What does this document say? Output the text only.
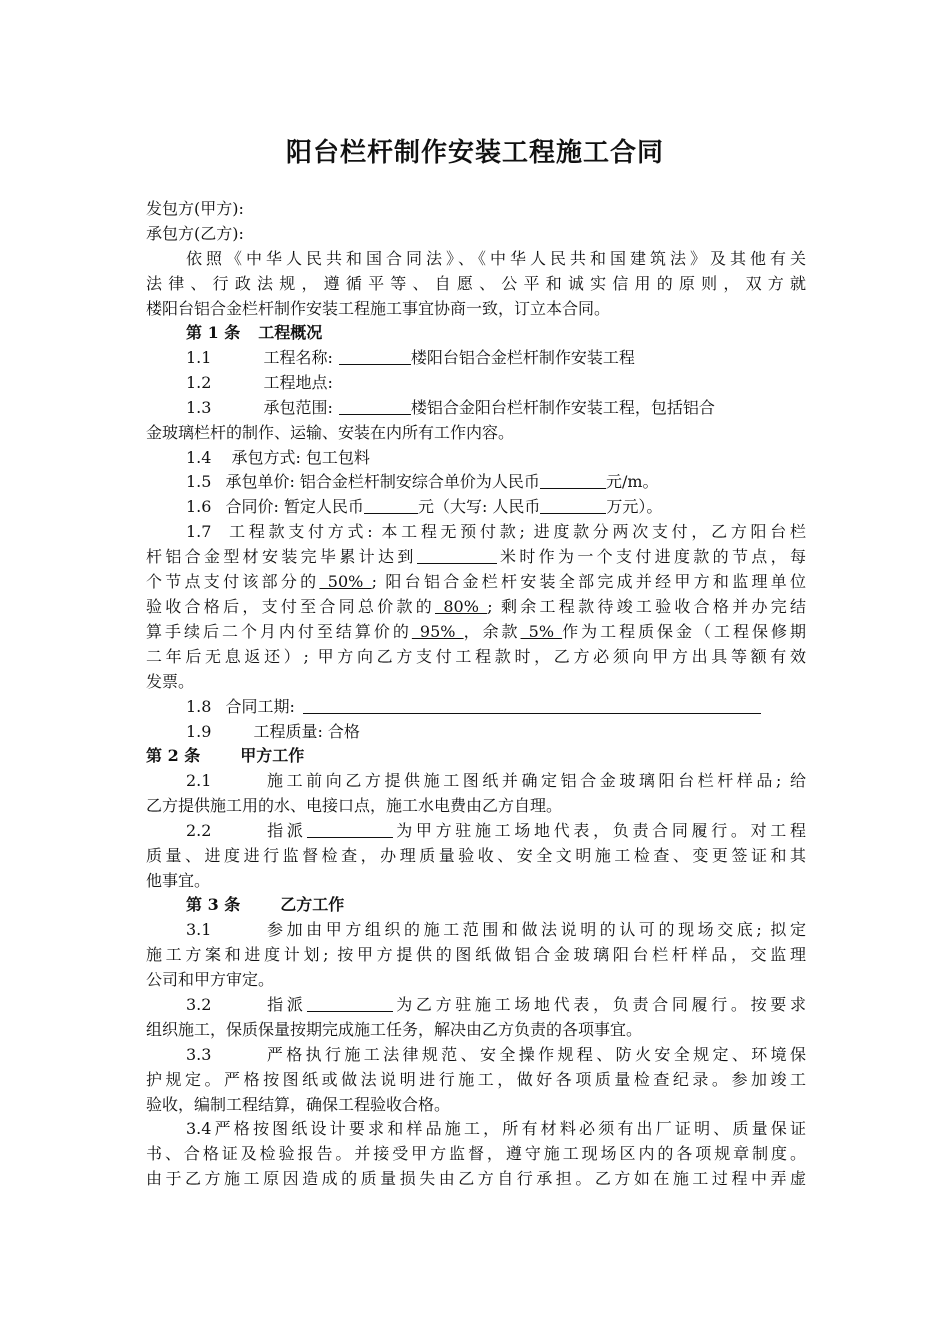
阳台栏杆制作安装工程施工合同
发包方(甲方):
承包方(乙方):
依照《中华人民共和国合同法》、《中华人民共和国建筑法》及其他有关
法律、行政法规，遵循平等、自愿、公平和诚实信用的原则，双方就
楼阳台铝合金栏杆制作安装工程施工事宜协商一致，订立本合同。
第 1 条 工程概况
1.1	工程名称:	楼阳台铝合金栏杆制作安装工程
1.2	工程地点:
1.3	承包范围:	楼铝合金阳台栏杆制作安装工程，包括铝合
金玻璃栏杆的制作、运输、安装在内所有工作内容。
1.4 承包方式: 包工包料
1.5 承包单价: 铝合金栏杆制安综合单价为人民币	元/m。
1.6 合同价: 暂定人民币	元（大写: 人民币	万元）。
1.7 工程款支付方式: 本工程无预付款; 进度款分两次支付，乙方阳台栏
杆铝合金型材安装完毕累计达到	米时作为一个支付进度款的节点，每
个节点支付该部分的 50% ; 阳台铝合金栏杆安装全部完成并经甲方和监理单位
验收合格后，支付至合同总价款的 80% ; 剩余工程款待竣工验收合格并办完结
算手续后二个月内付至结算价的 95% ，余款 5% 作为工程质保金（工程保修期
二年后无息返还）; 甲方向乙方支付工程款时，乙方必须向甲方出具等额有效
发票。
1.8 合同工期:
1.9	工程质量: 合格
第 2 条	甲方工作
2.1	施工前向乙方提供施工图纸并确定铝合金玻璃阳台栏杆样品; 给
乙方提供施工用的水、电接口点，施工水电费由乙方自理。
2.2	指派	为甲方驻施工场地代表，负责合同履行。对工程
质量、进度进行监督检查，办理质量验收、安全文明施工检查、变更签证和其
他事宜。
第 3 条	乙方工作
3.1	参加由甲方组织的施工范围和做法说明的认可的现场交底; 拟定
施工方案和进度计划; 按甲方提供的图纸做铝合金玻璃阳台栏杆样品，交监理
公司和甲方审定。
3.2	指派	为乙方驻施工场地代表，负责合同履行。按要求
组织施工，保质保量按期完成施工任务，解决由乙方负责的各项事宜。
3.3	严格执行施工法律规范、安全操作规程、防火安全规定、环境保
护规定。严格按图纸或做法说明进行施工，做好各项质量检查纪录。参加竣工
验收，编制工程结算，确保工程验收合格。
3.4严格按图纸设计要求和样品施工，所有材料必须有出厂证明、质量保证
书、合格证及检验报告。并接受甲方监督，遵守施工现场区内的各项规章制度。
由于乙方施工原因造成的质量损失由乙方自行承担。乙方如在施工过程中弄虚
